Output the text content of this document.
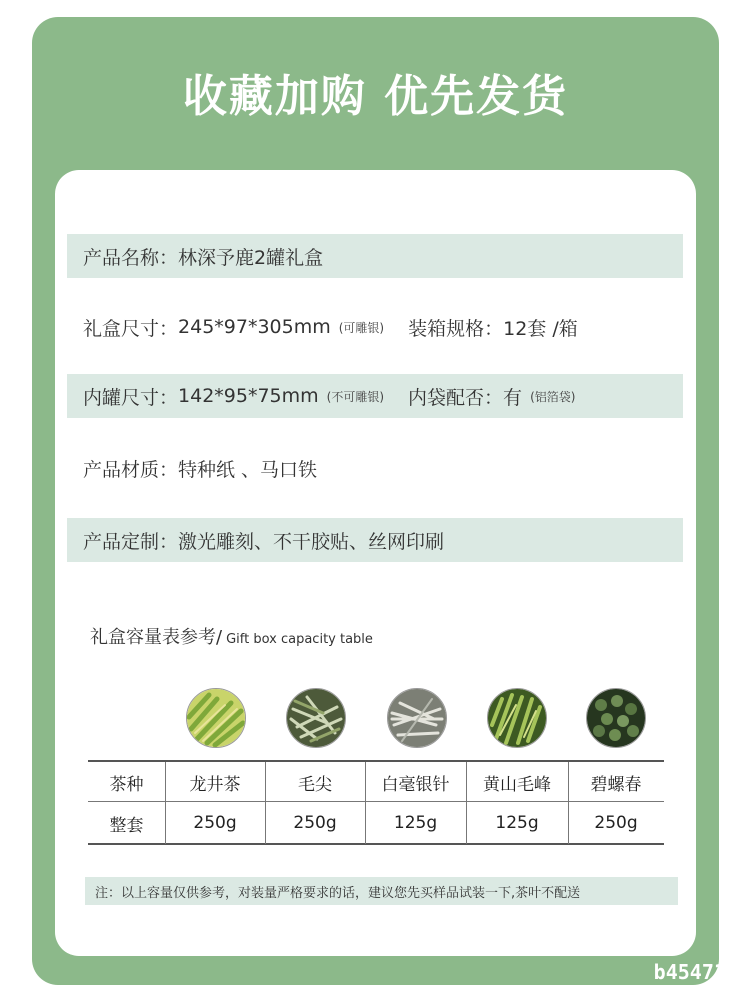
收藏加购 优先发货
产品名称： 林深予鹿2罐礼盒
礼盒尺寸： 245*97*305mm (可雕银) 装箱规格： 12套 /箱
内罐尺寸： 142*95*75mm (不可雕银) 内袋配否： 有 (铝箔袋)
产品材质： 特种纸 、马口铁
产品定制： 激光雕刻、不干胶贴、丝网印刷
礼盒容量表参考/ Gift box capacity table
茶种	龙井茶	毛尖	白毫银针	黄山毛峰	碧螺春
整套	250g	250g	125g	125g	250g
注：以上容量仅供参考，对装量严格要求的话，建议您先买样品试装一下,茶叶不配送
b454712f
